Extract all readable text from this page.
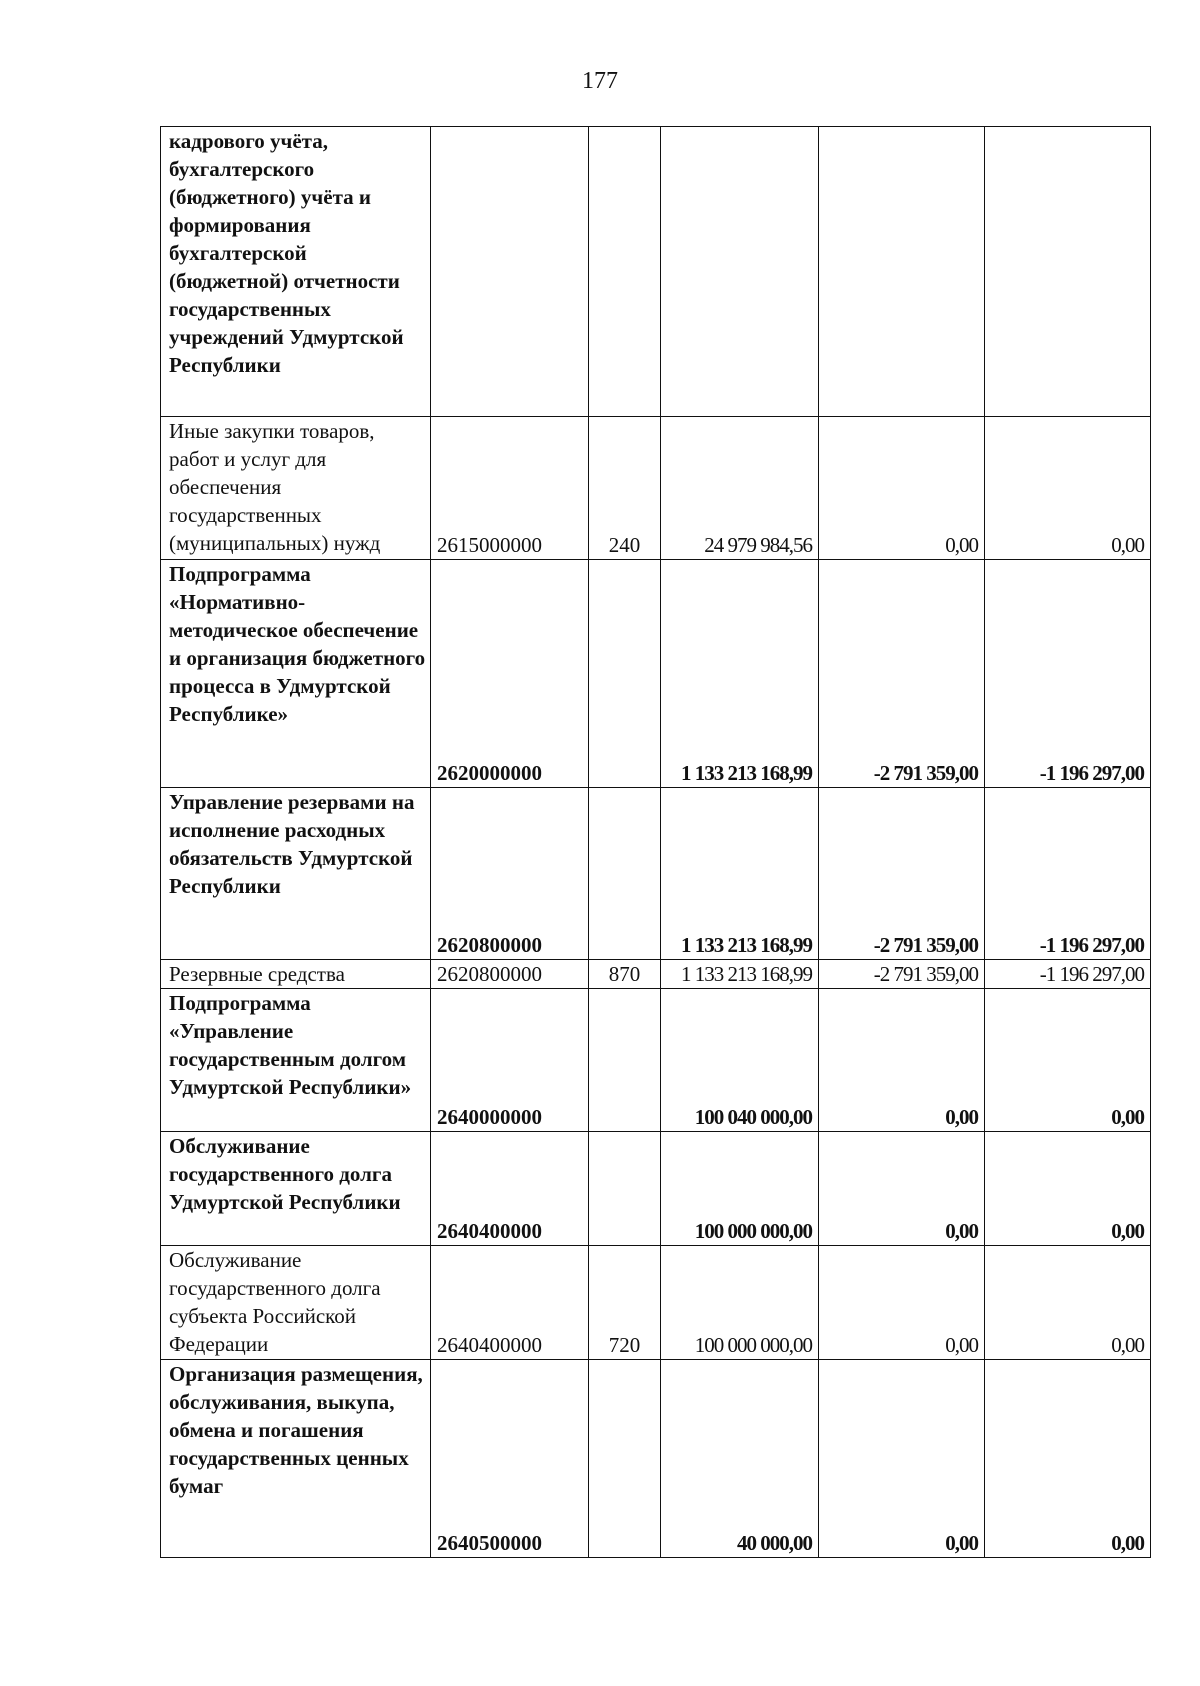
177
кадрового учёта, бухгалтерского (бюджетного) учёта и формирования бухгалтерской (бюджетной) отчетности государственных учреждений Удмуртской Республики					
Иные закупки товаров, работ и услуг для обеспечения государственных (муниципальных) нужд	2615000000	240	24 979 984,56	0,00	0,00
Подпрограмма «Нормативно-методическое обеспечение и организация бюджетного процесса в Удмуртской Республике»	2620000000		1 133 213 168,99	-2 791 359,00	-1 196 297,00
Управление резервами на исполнение расходных обязательств Удмуртской Республики	2620800000		1 133 213 168,99	-2 791 359,00	-1 196 297,00
Резервные средства	2620800000	870	1 133 213 168,99	-2 791 359,00	-1 196 297,00
Подпрограмма «Управление государственным долгом Удмуртской Республики»	2640000000		100 040 000,00	0,00	0,00
Обслуживание государственного долга Удмуртской Республики	2640400000		100 000 000,00	0,00	0,00
Обслуживание государственного долга субъекта Российской Федерации	2640400000	720	100 000 000,00	0,00	0,00
Организация размещения, обслуживания, выкупа, обмена и погашения государственных ценных бумаг	2640500000		40 000,00	0,00	0,00
